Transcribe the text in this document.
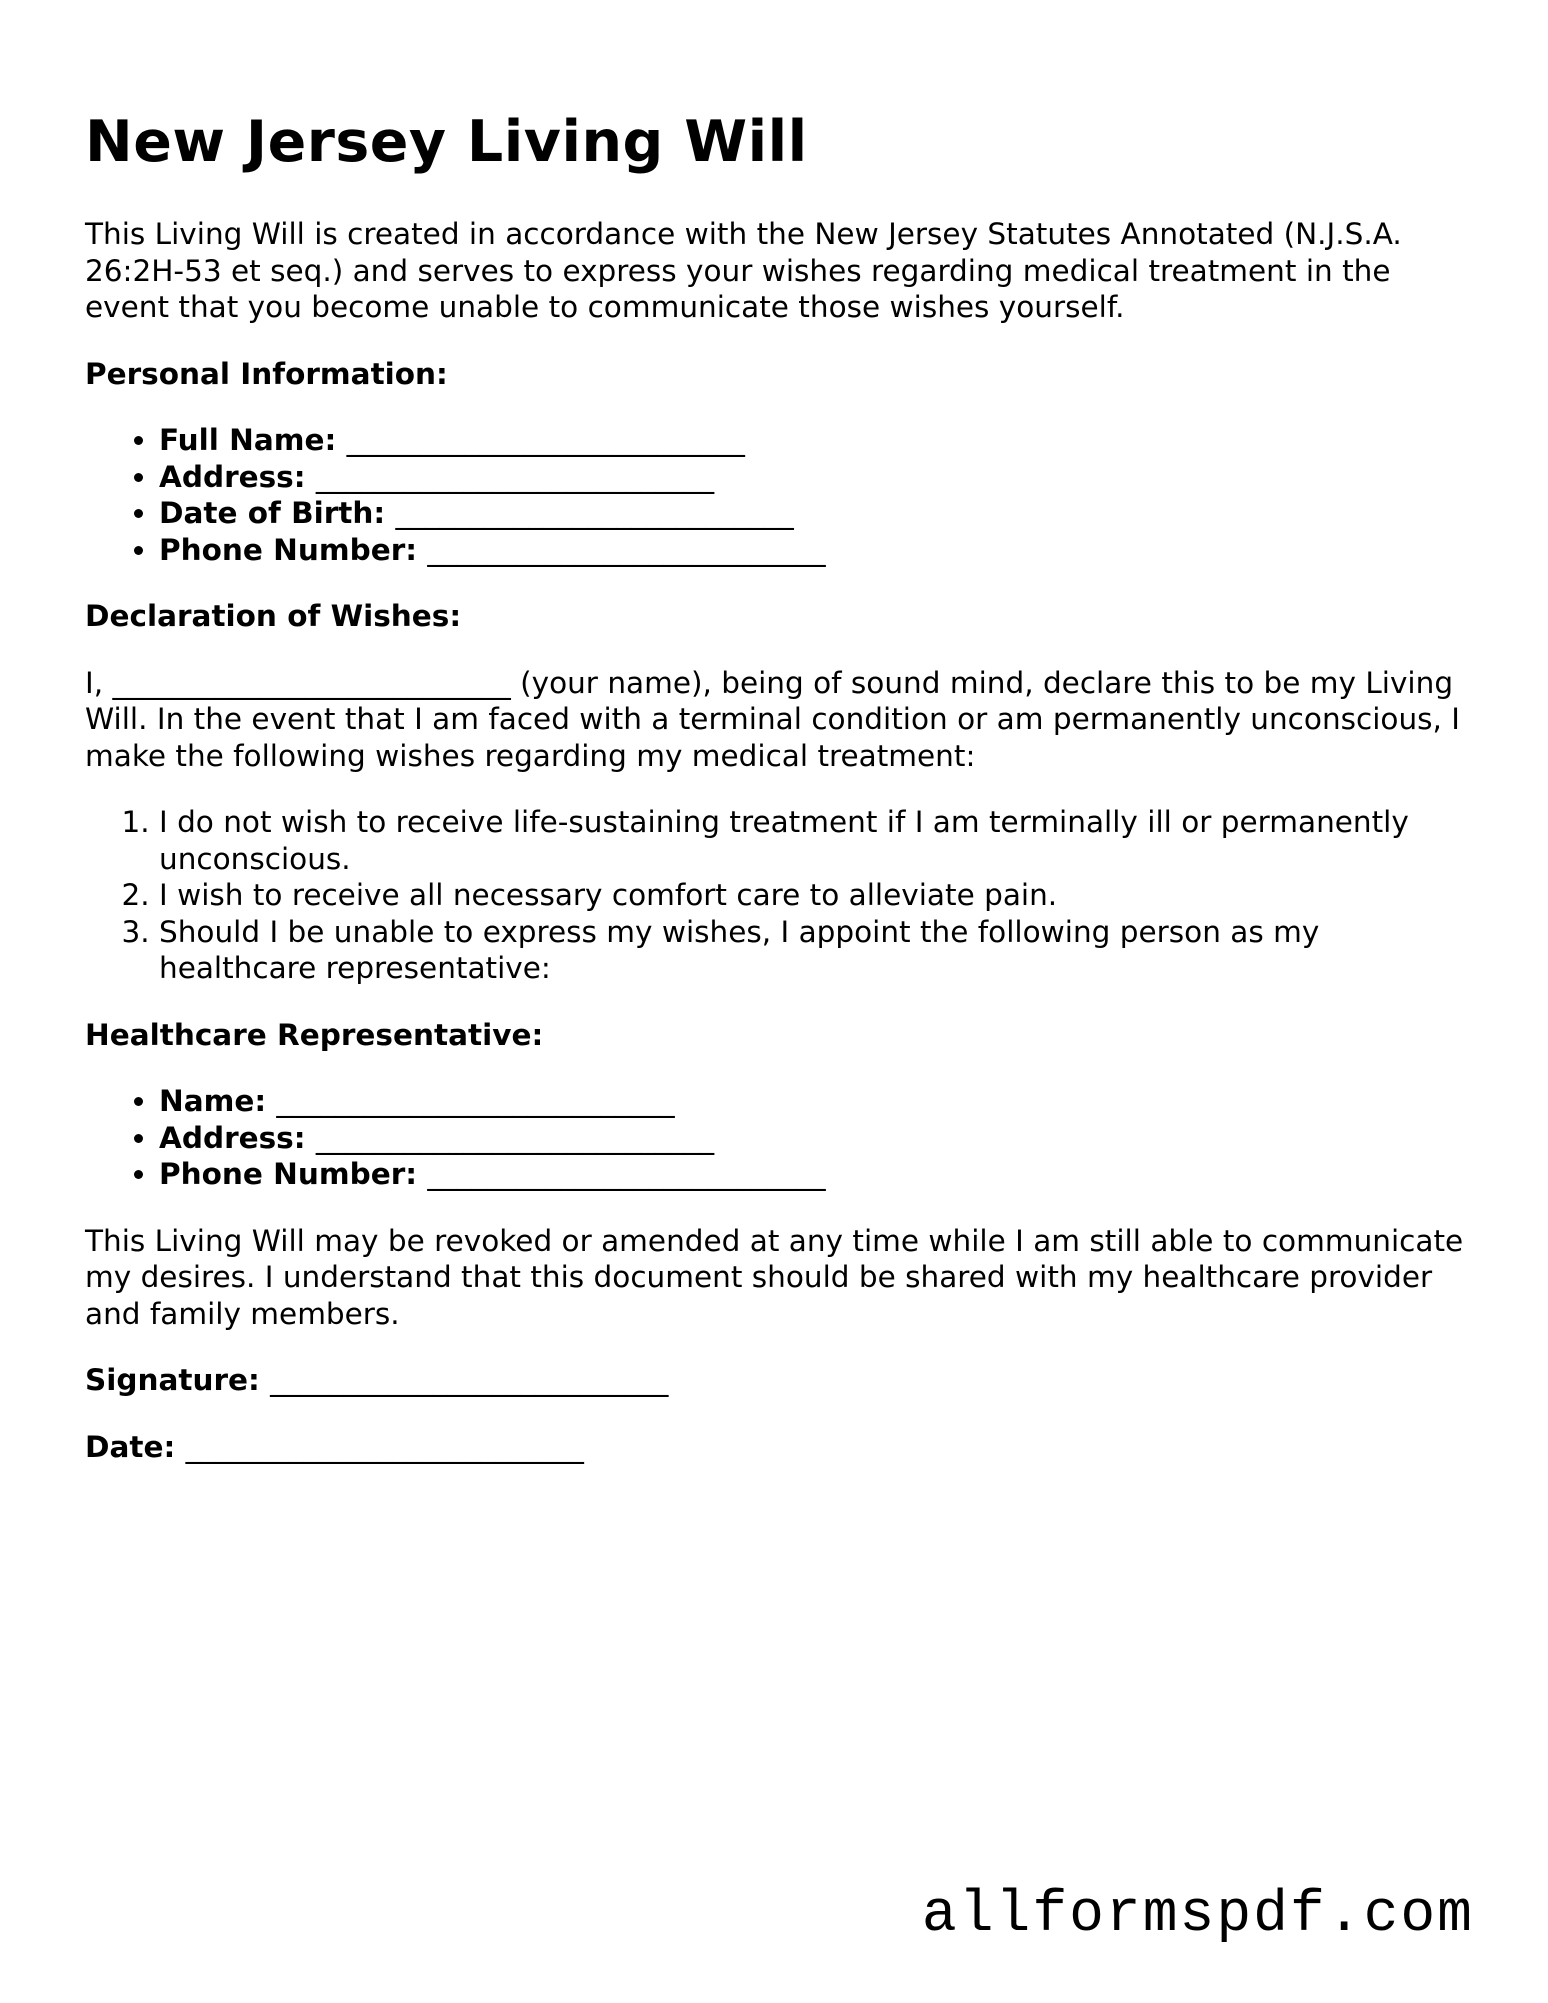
New Jersey Living Will

This Living Will is created in accordance with the New Jersey Statutes Annotated (N.J.S.A. 26:2H-53 et seq.) and serves to express your wishes regarding medical treatment in the event that you become unable to communicate those wishes yourself.

Personal Information:
• Full Name: ___________________________
• Address: ___________________________
• Date of Birth: ___________________________
• Phone Number: ___________________________
Declaration of Wishes:

I, ___________________________ (your name), being of sound mind, declare this to be my Living Will. In the event that I am faced with a terminal condition or am permanently unconscious, I make the following wishes regarding my medical treatment:

1. I do not wish to receive life-sustaining treatment if I am terminally ill or permanently unconscious.
2. I wish to receive all necessary comfort care to alleviate pain.
3. Should I be unable to express my wishes, I appoint the following person as my healthcare representative:
Healthcare Representative:
• Name: ___________________________
• Address: ___________________________
• Phone Number: ___________________________

This Living Will may be revoked or amended at any time while I am still able to communicate my desires. I understand that this document should be shared with my healthcare provider and family members.

Signature: ___________________________
Date: ___________________________
allformspdf.com
